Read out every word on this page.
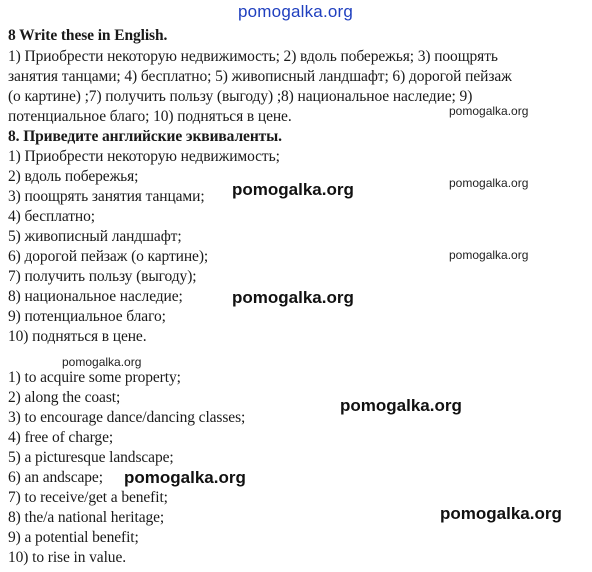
pomogalka.org
8 Write these in English.
1) Приобрести некоторую недвижимость; 2) вдоль побережья; 3) поощрять
занятия танцами; 4) бесплатно; 5) живописный ландшафт; 6) дорогой пейзаж
(о картине) ;7) получить пользу (выгоду) ;8) национальное наследие; 9)
потенциальное благо; 10) подняться в цене.
8. Приведите английские эквиваленты.
1) Приобрести некоторую недвижимость;
2) вдоль побережья;
3) поощрять занятия танцами;
4) бесплатно;
5) живописный ландшафт;
6) дорогой пейзаж (о картине);
7) получить пользу (выгоду);
8) национальное наследие;
9) потенциальное благо;
10) подняться в цене.
1) to acquire some property;
2) along the coast;
3) to encourage dance/dancing classes;
4) free of charge;
5) a picturesque landscape;
6) an andscape;
7) to receive/get a benefit;
8) the/a national heritage;
9) a potential benefit;
10) to rise in value.
pomogalka.org
pomogalka.org
pomogalka.org
pomogalka.org
pomogalka.org
pomogalka.org
pomogalka.org
pomogalka.org
pomogalka.org
